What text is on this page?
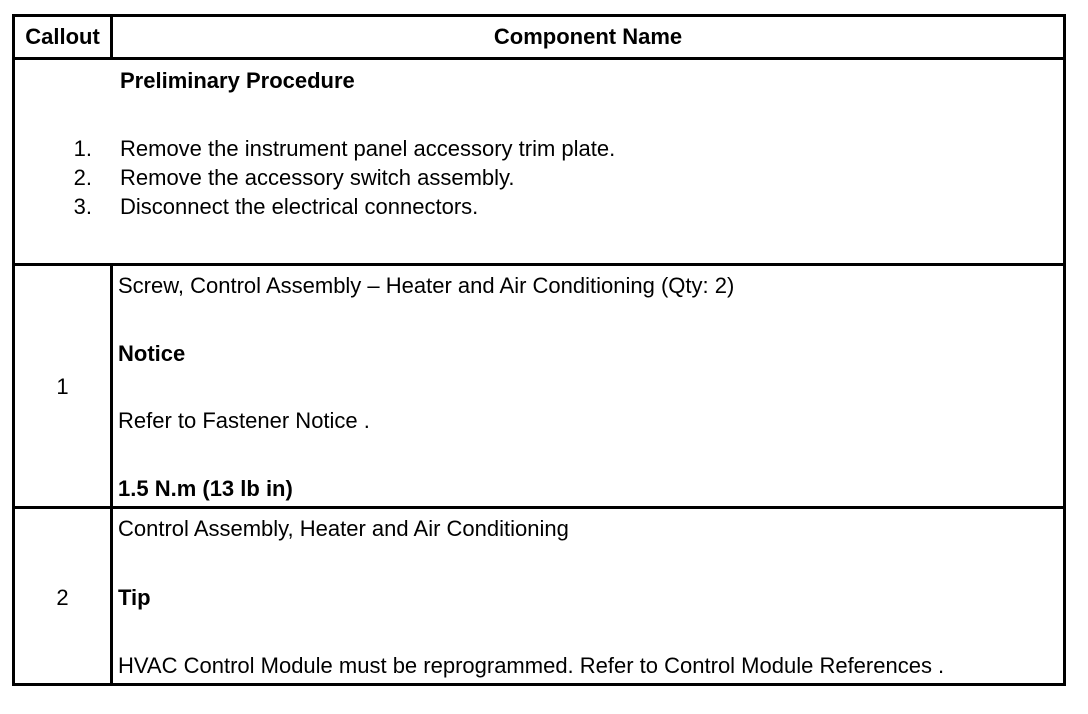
Callout	Component Name
Preliminary Procedure
1. Remove the instrument panel accessory trim plate.
2. Remove the accessory switch assembly.
3. Disconnect the electrical connectors.
1
Screw, Control Assembly – Heater and Air Conditioning (Qty: 2)
Notice
Refer to Fastener Notice .
1.5 N.m (13 lb in)
2
Control Assembly, Heater and Air Conditioning
Tip
HVAC Control Module must be reprogrammed. Refer to Control Module References .
